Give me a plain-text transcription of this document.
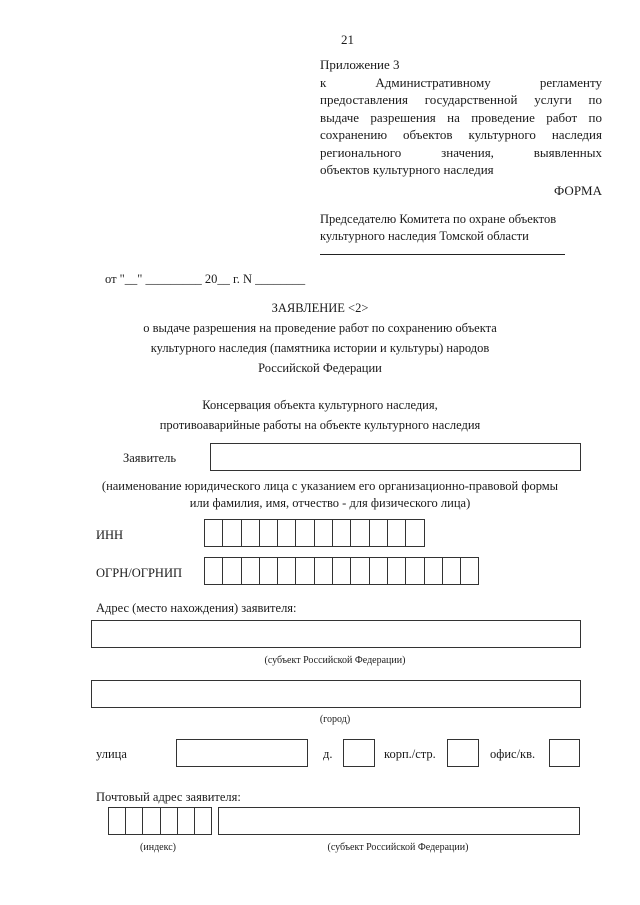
21
Приложение 3
к Административному регламенту
предоставления государственной услуги по
выдаче разрешения на проведение работ по
сохранению объектов культурного наследия
регионального значения, выявленных
объектов культурного наследия
ФОРМА
Председателю Комитета по охране объектов
культурного наследия Томской области
от "__" _________ 20__ г. N ________
ЗАЯВЛЕНИЕ <2>
о выдаче разрешения на проведение работ по сохранению объекта
культурного наследия (памятника истории и культуры) народов
Российской Федерации
Консервация объекта культурного наследия,
противоаварийные работы на объекте культурного наследия
Заявитель
(наименование юридического лица с указанием его организационно-правовой формы
или фамилия, имя, отчество - для физического лица)
ИНН
ОГРН/ОГРНИП
Адрес (место нахождения) заявителя:
(субъект Российской Федерации)
(город)
улица	д.	корп./стр.	офис/кв.
Почтовый адрес заявителя:
(индекс)	(субъект Российской Федерации)
